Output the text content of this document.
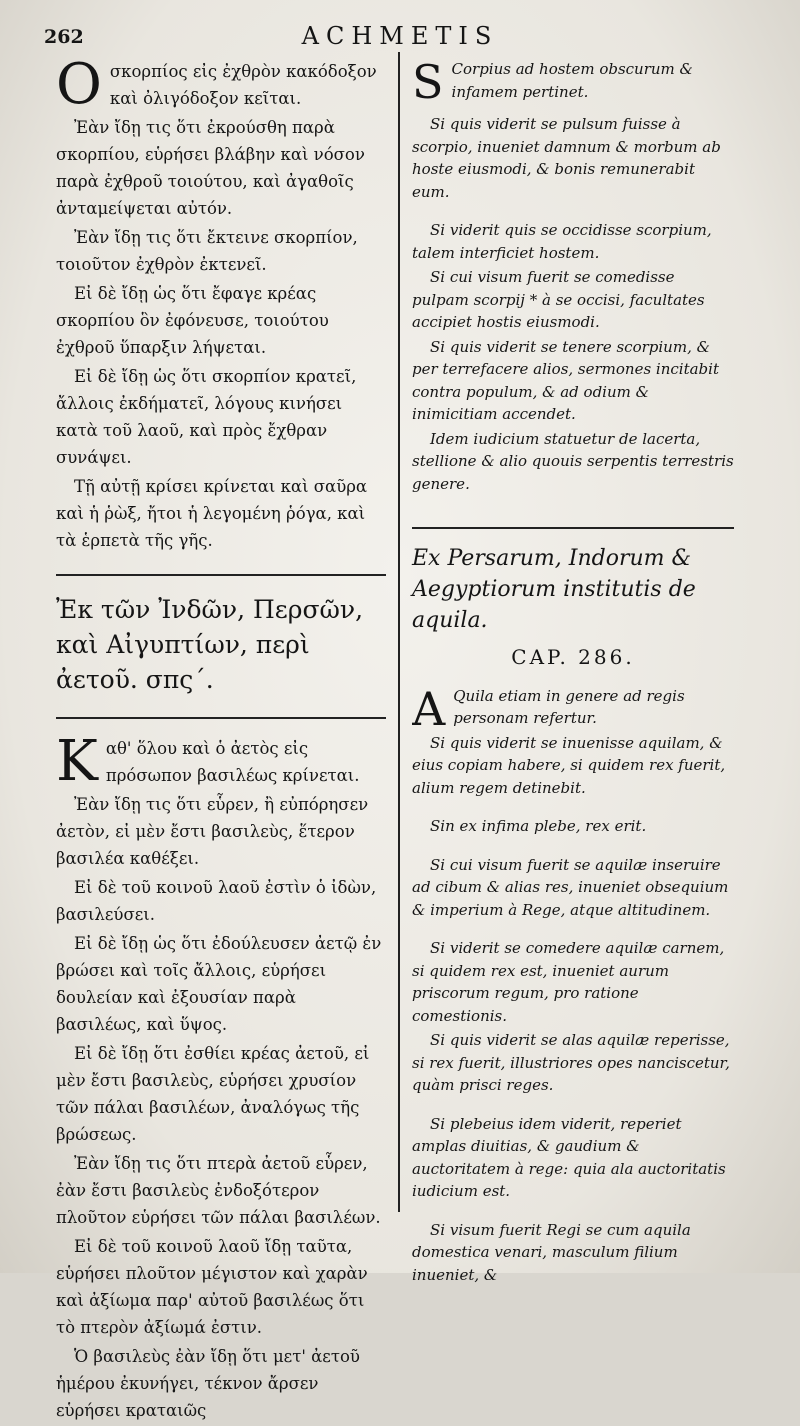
262	ACHMETIS
O σκορπίος εἰς ἐχθρὸν κακόδοξον καὶ ὀλιγόδοξον κεῖται.

Ἐὰν ἴδῃ τις ὅτι ἐκρούσθη παρὰ σκορπίου, εὑρήσει βλάβην καὶ νόσον παρὰ ἐχθροῦ τοιούτου, καὶ ἀγαθοῖς ἀνταμείψεται αὐτόν.

Ἐὰν ἴδῃ τις ὅτι ἔκτεινε σκορπίον, τοιοῦτον ἐχθρὸν ἐκτενεῖ.

Εἰ δὲ ἴδῃ ὡς ὅτι ἔφαγε κρέας σκορπίου ὃν ἐφόνευσε, τοιούτου ἐχθροῦ ὕπαρξιν λήψεται.

Εἰ δὲ ἴδῃ ὡς ὅτι σκορπίον κρατεῖ, ἄλλοις ἐκδήματεῖ, λόγους κινήσει κατὰ τοῦ λαοῦ, καὶ πρὸς ἔχθραν συνάψει.

Τῇ αὐτῇ κρίσει κρίνεται καὶ σαῦρα καὶ ἡ ῥὼξ, ἤτοι ἡ λεγομένη ῥόγα, καὶ τὰ ἑρπετὰ τῆς γῆς.

Ἐκ τῶν Ἰνδῶν, Περσῶν, καὶ Αἰγυπτίων, περὶ ἀετοῦ. σπς΄.
K αθ' ὅλου καὶ ὁ ἀετὸς εἰς πρόσωπον βασιλέως κρίνεται.

Ἐὰν ἴδῃ τις ὅτι εὗρεν, ἢ εὐπόρησεν ἀετὸν, εἰ μὲν ἔστι βασιλεὺς, ἕτερον βασιλέα καθέξει.

Εἰ δὲ τοῦ κοινοῦ λαοῦ ἐστὶν ὁ ἰδὼν, βασιλεύσει.

Εἰ δὲ ἴδῃ ὡς ὅτι ἐδούλευσεν ἀετῷ ἐν βρώσει καὶ τοῖς ἄλλοις, εὑρήσει δουλείαν καὶ ἐξουσίαν παρὰ βασιλέως, καὶ ὕψος.

Εἰ δὲ ἴδῃ ὅτι ἐσθίει κρέας ἀετοῦ, εἰ μὲν ἔστι βασιλεὺς, εὑρήσει χρυσίον τῶν πάλαι βασιλέων, ἀναλόγως τῆς βρώσεως.

Ἐὰν ἴδῃ τις ὅτι πτερὰ ἀετοῦ εὗρεν, ἐὰν ἔστι βασιλεὺς ἐνδοξότερον πλοῦτον εὑρήσει τῶν πάλαι βασιλέων.

Εἰ δὲ τοῦ κοινοῦ λαοῦ ἴδῃ ταῦτα, εὑρήσει πλοῦτον μέγιστον καὶ χαρὰν καὶ ἀξίωμα παρ' αὐτοῦ βασιλέως ὅτι τὸ πτερὸν ἀξίωμά ἐστιν.

Ὁ βασιλεὺς ἐὰν ἴδῃ ὅτι μετ' ἀετοῦ ἡμέρου ἐκυνήγει, τέκνον ἄρσεν εὑρήσει κραταιῶς

S Corpius ad hostem obscurum & infamem pertinet.

Si quis viderit se pulsum fuisse à scorpio, inueniet damnum & morbum ab hoste eiusmodi, & bonis remunerabit eum.

Si viderit quis se occidisse scorpium, talem interficiet hostem.

Si cui visum fuerit se comedisse pulpam scorpij * à se occisi, facultates accipiet hostis eiusmodi.

Si quis viderit se tenere scorpium, & per terrefacere alios, sermones incitabit contra populum, & ad odium & inimicitiam accendet.

Idem iudicium statuetur de lacerta, stellione & alio quouis serpentis terrestris genere.

Ex Persarum, Indorum & Aegyptiorum institutis de aquila.
CAP. 286.
A Quila etiam in genere ad regis personam refertur.

Si quis viderit se inuenisse aquilam, & eius copiam habere, si quidem rex fuerit, alium regem detinebit.

Sin ex infima plebe, rex erit.

Si cui visum fuerit se aquilæ inseruire ad cibum & alias res, inueniet obsequium & imperium à Rege, atque altitudinem.

Si viderit se comedere aquilæ carnem, si quidem rex est, inueniet aurum priscorum regum, pro ratione comestionis.

Si quis viderit se alas aquilæ reperisse, si rex fuerit, illustriores opes nanciscetur, quàm prisci reges.

Si plebeius idem viderit, reperiet amplas diuitias, & gaudium & auctoritatem à rege: quia ala auctoritatis iudicium est.

Si visum fuerit Regi se cum aquila domestica venari, masculum filium inueniet, &
